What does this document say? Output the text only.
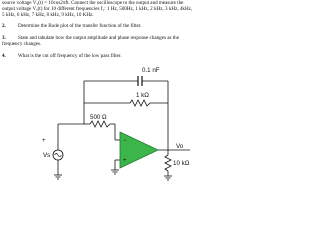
source voltage V₂(t) = 10cos2πft. Connect the oscilloscope to the output and measure the
output voltage Vₒ(t) for 10 different frequencies f₁: 1 Hz, 500Hz, 1 kHz, 2 kHz, 3 kHz, 4kHz,
5 kHz, 6 kHz, 7 kHz, 8 kHz, 9 kHz, 10 KHz.
2. Determine the Bode plot of the transfer function of the filter.
3. State and tabulate how the output amplitude and phase response changes as the
frequency changes.
4. What is the cut off frequency of the low pass filter.
−
+
0.1 nF
1 kΩ
500 Ω
+
Vs
Vo
10 kΩ
